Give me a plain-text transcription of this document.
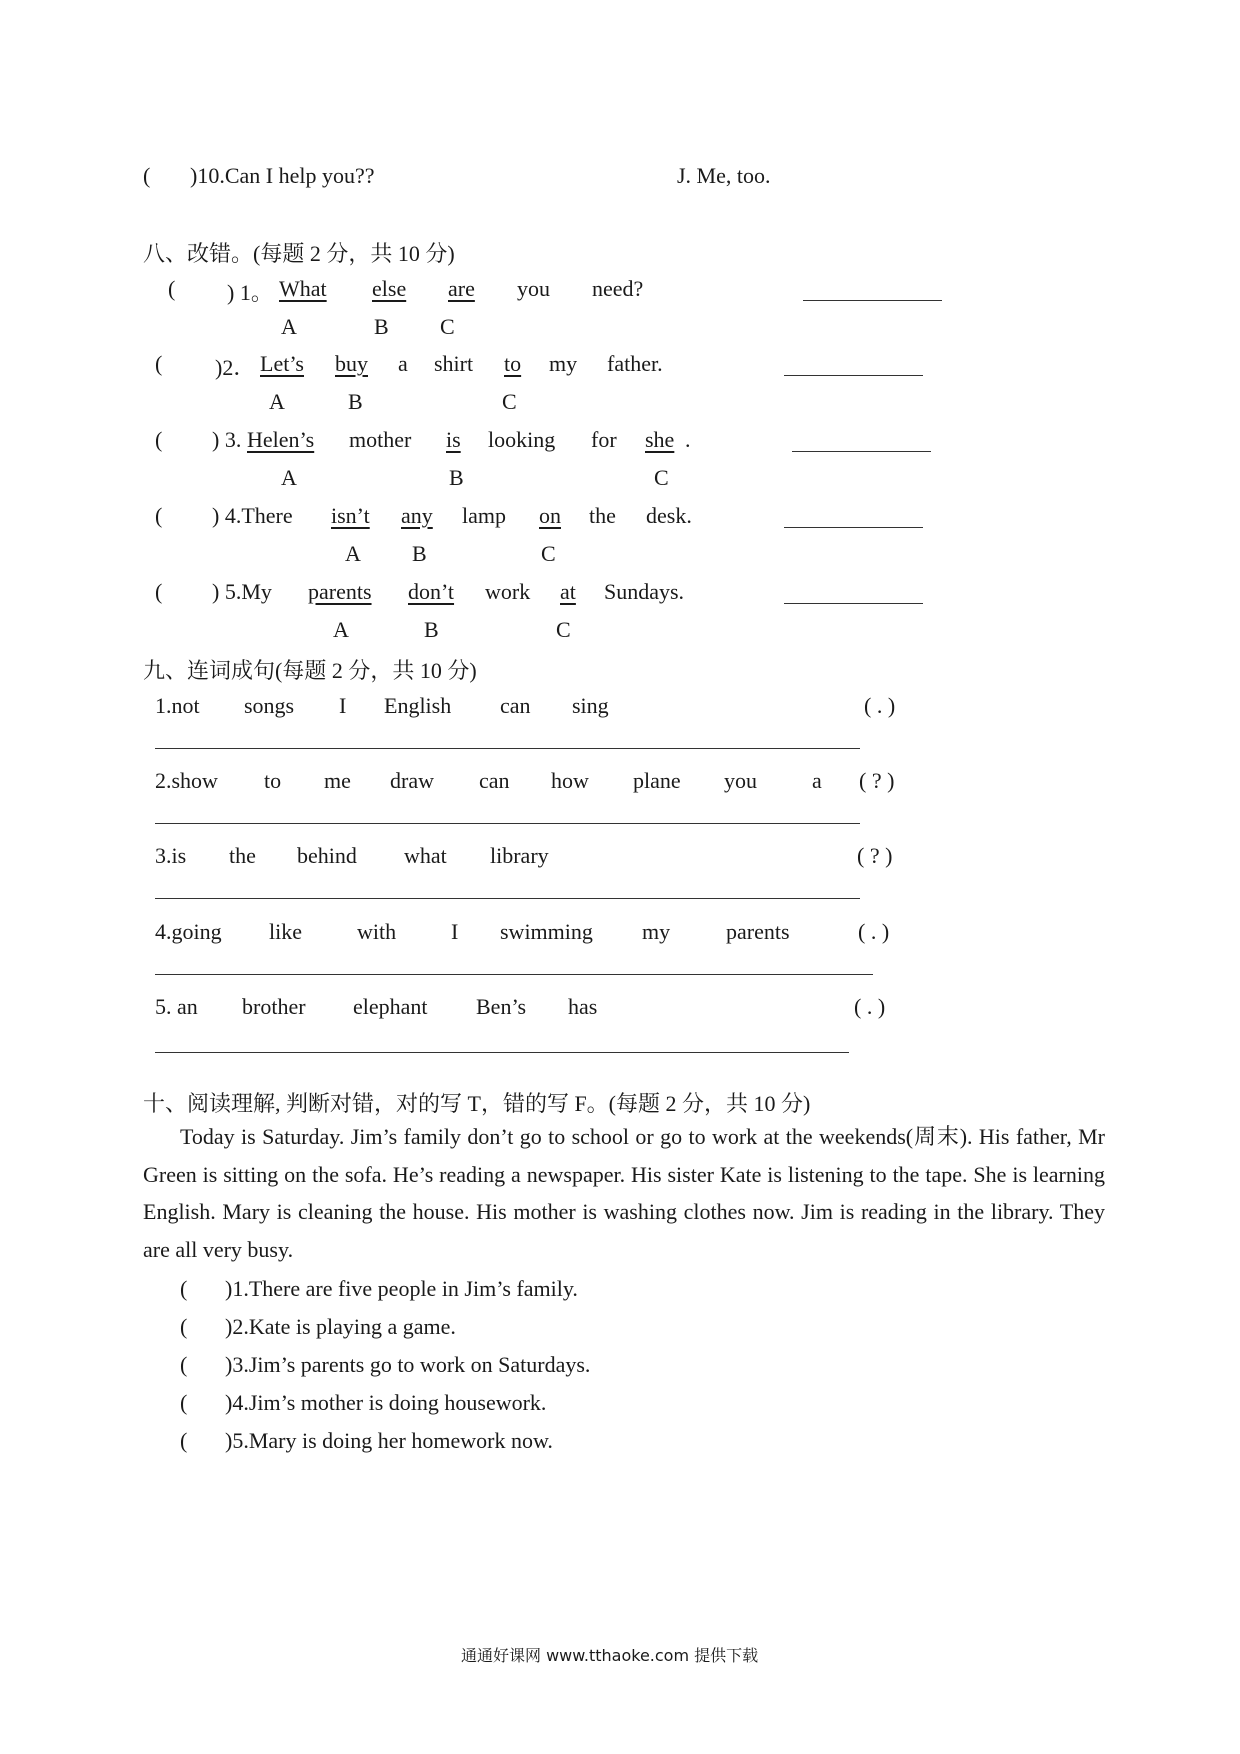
( )10.Can I help you??	J. Me, too.
八、改错。(每题 2 分，共 10 分)
( ) 1。 What else are you need?
A	B C
( )2． Let’s buy a shirt to my father.
A	B	C
( ) 3. Helen’s mother is looking for she .
A	B	C
( ) 4.There isn’t any lamp on the desk.
A B	C
( ) 5.My parents don’t work at Sundays.
A	B	C
九、连词成句(每题 2 分，共 10 分)
1.not songs I English can sing	( . )
2.show to me draw can how plane you	a ( ? )
3.is the behind what library	( ? )
4.going like	with I swimming my	parents	( . )
5. an brother elephant Ben’s has	( . )
十、阅读理解, 判断对错，对的写 T，错的写 F。(每题 2 分，共 10 分)
Today is Saturday. Jim’s family don’t go to school or go to work at the weekends(周末). His father, Mr Green is sitting on the sofa. He’s reading a newspaper. His sister Kate is listening to the tape. She is learning English. Mary is cleaning the house. His mother is washing clothes now. Jim is reading in the library. They are all very busy.
( )1.There are five people in Jim’s family.
( )2.Kate is playing a game.
( )3.Jim’s parents go to work on Saturdays.
( )4.Jim’s mother is doing housework.
( )5.Mary is doing her homework now.
通通好课网 www.tthaoke.com 提供下载
